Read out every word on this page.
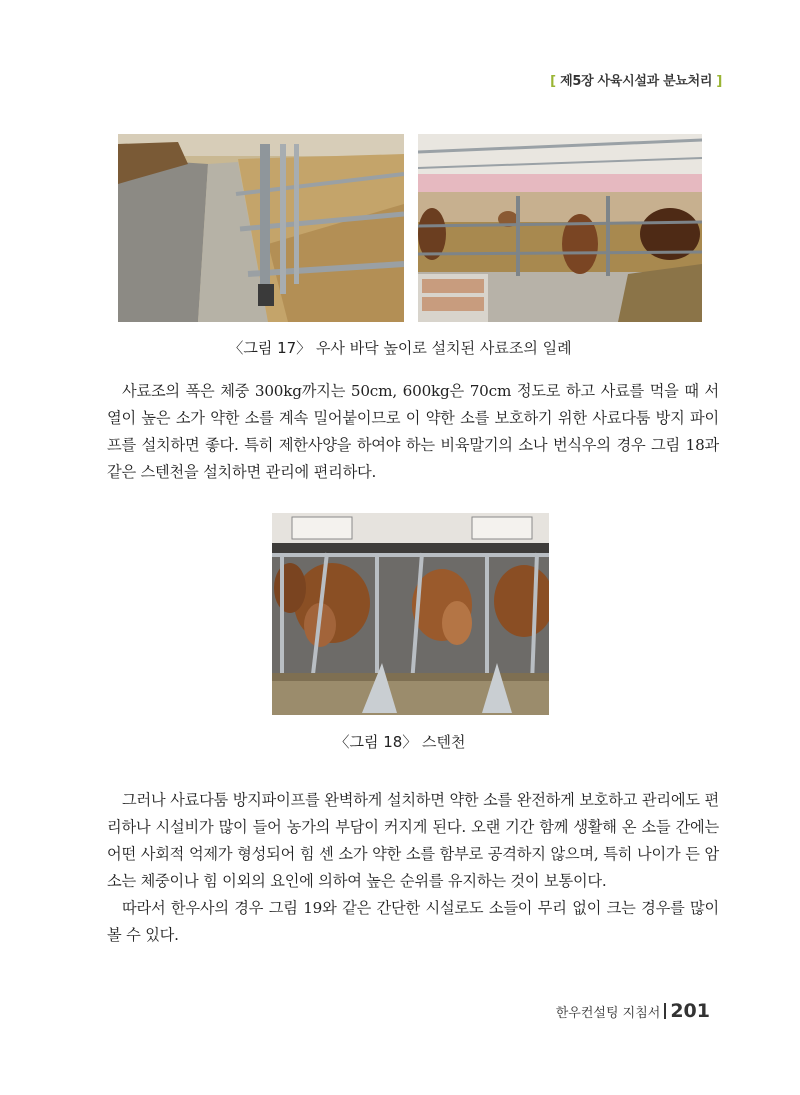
[ 제5장 사육시설과 분뇨처리 ]
〈그림 17〉 우사 바닥 높이로 설치된 사료조의 일례

사료조의 폭은 체중 300kg까지는 50cm, 600kg은 70cm 정도로 하고 사료를 먹을 때 서열이 높은 소가 약한 소를 계속 밀어붙이므로 이 약한 소를 보호하기 위한 사료다툼 방지 파이프를 설치하면 좋다. 특히 제한사양을 하여야 하는 비육말기의 소나 번식우의 경우 그림 18과 같은 스텐천을 설치하면 관리에 편리하다.

〈그림 18〉 스텐천

그러나 사료다툼 방지파이프를 완벽하게 설치하면 약한 소를 완전하게 보호하고 관리에도 편리하나 시설비가 많이 들어 농가의 부담이 커지게 된다. 오랜 기간 함께 생활해 온 소들 간에는 어떤 사회적 억제가 형성되어 힘 센 소가 약한 소를 함부로 공격하지 않으며, 특히 나이가 든 암소는 체중이나 힘 이외의 요인에 의하여 높은 순위를 유지하는 것이 보통이다.

따라서 한우사의 경우 그림 19와 같은 간단한 시설로도 소들이 무리 없이 크는 경우를 많이 볼 수 있다.

한우컨설팅 지침서 201
